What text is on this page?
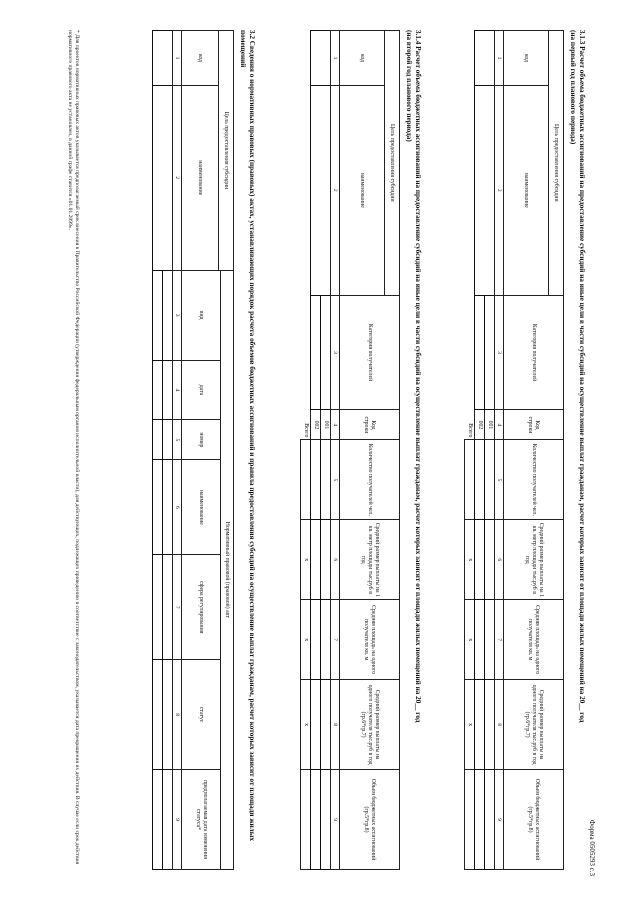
Форма 0505293 с.3
3.1.3 Расчет объема бюджетных ассигнований на предоставление субсидий на иные цели в части субсидий на осуществление выплат гражданам, расчет которых зависит от площади жилых помещений на 20__ год
(на первый год планового периода)
Цель предоставления субсидии		Категория получателей	Код строки	Количество получателей чел.	Средний размер выплаты на 1 кв. метр площади тыс.руб в год	Средняя площадь на одного получателя кв. м	Средний размер выплаты на одного получателя тыс.руб в год (гр.6*гр.7)	Объем бюджетных ассигнований (гр.5*гр.8)
код	наименование							
1	2	3	4	5	6	7	8	9
			001					
			002					
Всего					x	x	x	
3.1.4 Расчет объема бюджетных ассигнований на предоставление субсидий на иные цели в части субсидий на осуществление выплат гражданам, расчет которых зависит от площади жилых помещений на 20__ год
(на второй год планового периода)
Цель предоставления субсидии		Категория получателей	Код строки	Количество получателей чел.	Средний размер выплаты на 1 кв. метр площади тыс.руб в год	Средняя площадь на одного получателя кв. м	Средний размер выплаты на одного получателя тыс.руб в год (гр.6*гр.7)	Объем бюджетных ассигнований (гр.5*гр.8)
код	наименование							
1	2	3	4	5	6	7	8	9
			001					
			002					
Всего					x	x	x	
3.2 Сведения о нормативных правовых (правовых) актах, устанавливающих порядок расчета объемов бюджетных ассигнований и правила предоставления субсидий на осуществление выплат гражданам, расчет которых зависит от площади жилых помещений
Цель предоставления субсидии		Нормативный правовой (правовой) акт						
		вид	дата	номер	наименование	сфера регулирования	статус	предполагаемая дата изменения статуса*
код	наименование							
1	2	3	4	5	6	7	8	9

* Для проектов нормативных правовых актов указывается предполагаемый срок внесения в Правительство Российской Федерации (утверждения федеральным органом исполнительной власти), для действующих, подлежащих приведению в соответствие с законодательством, указывается дата прекращения их действия. В случае если срок действия нормативного правового акта не установлен, в данной графе ставится «01.01.2099».
